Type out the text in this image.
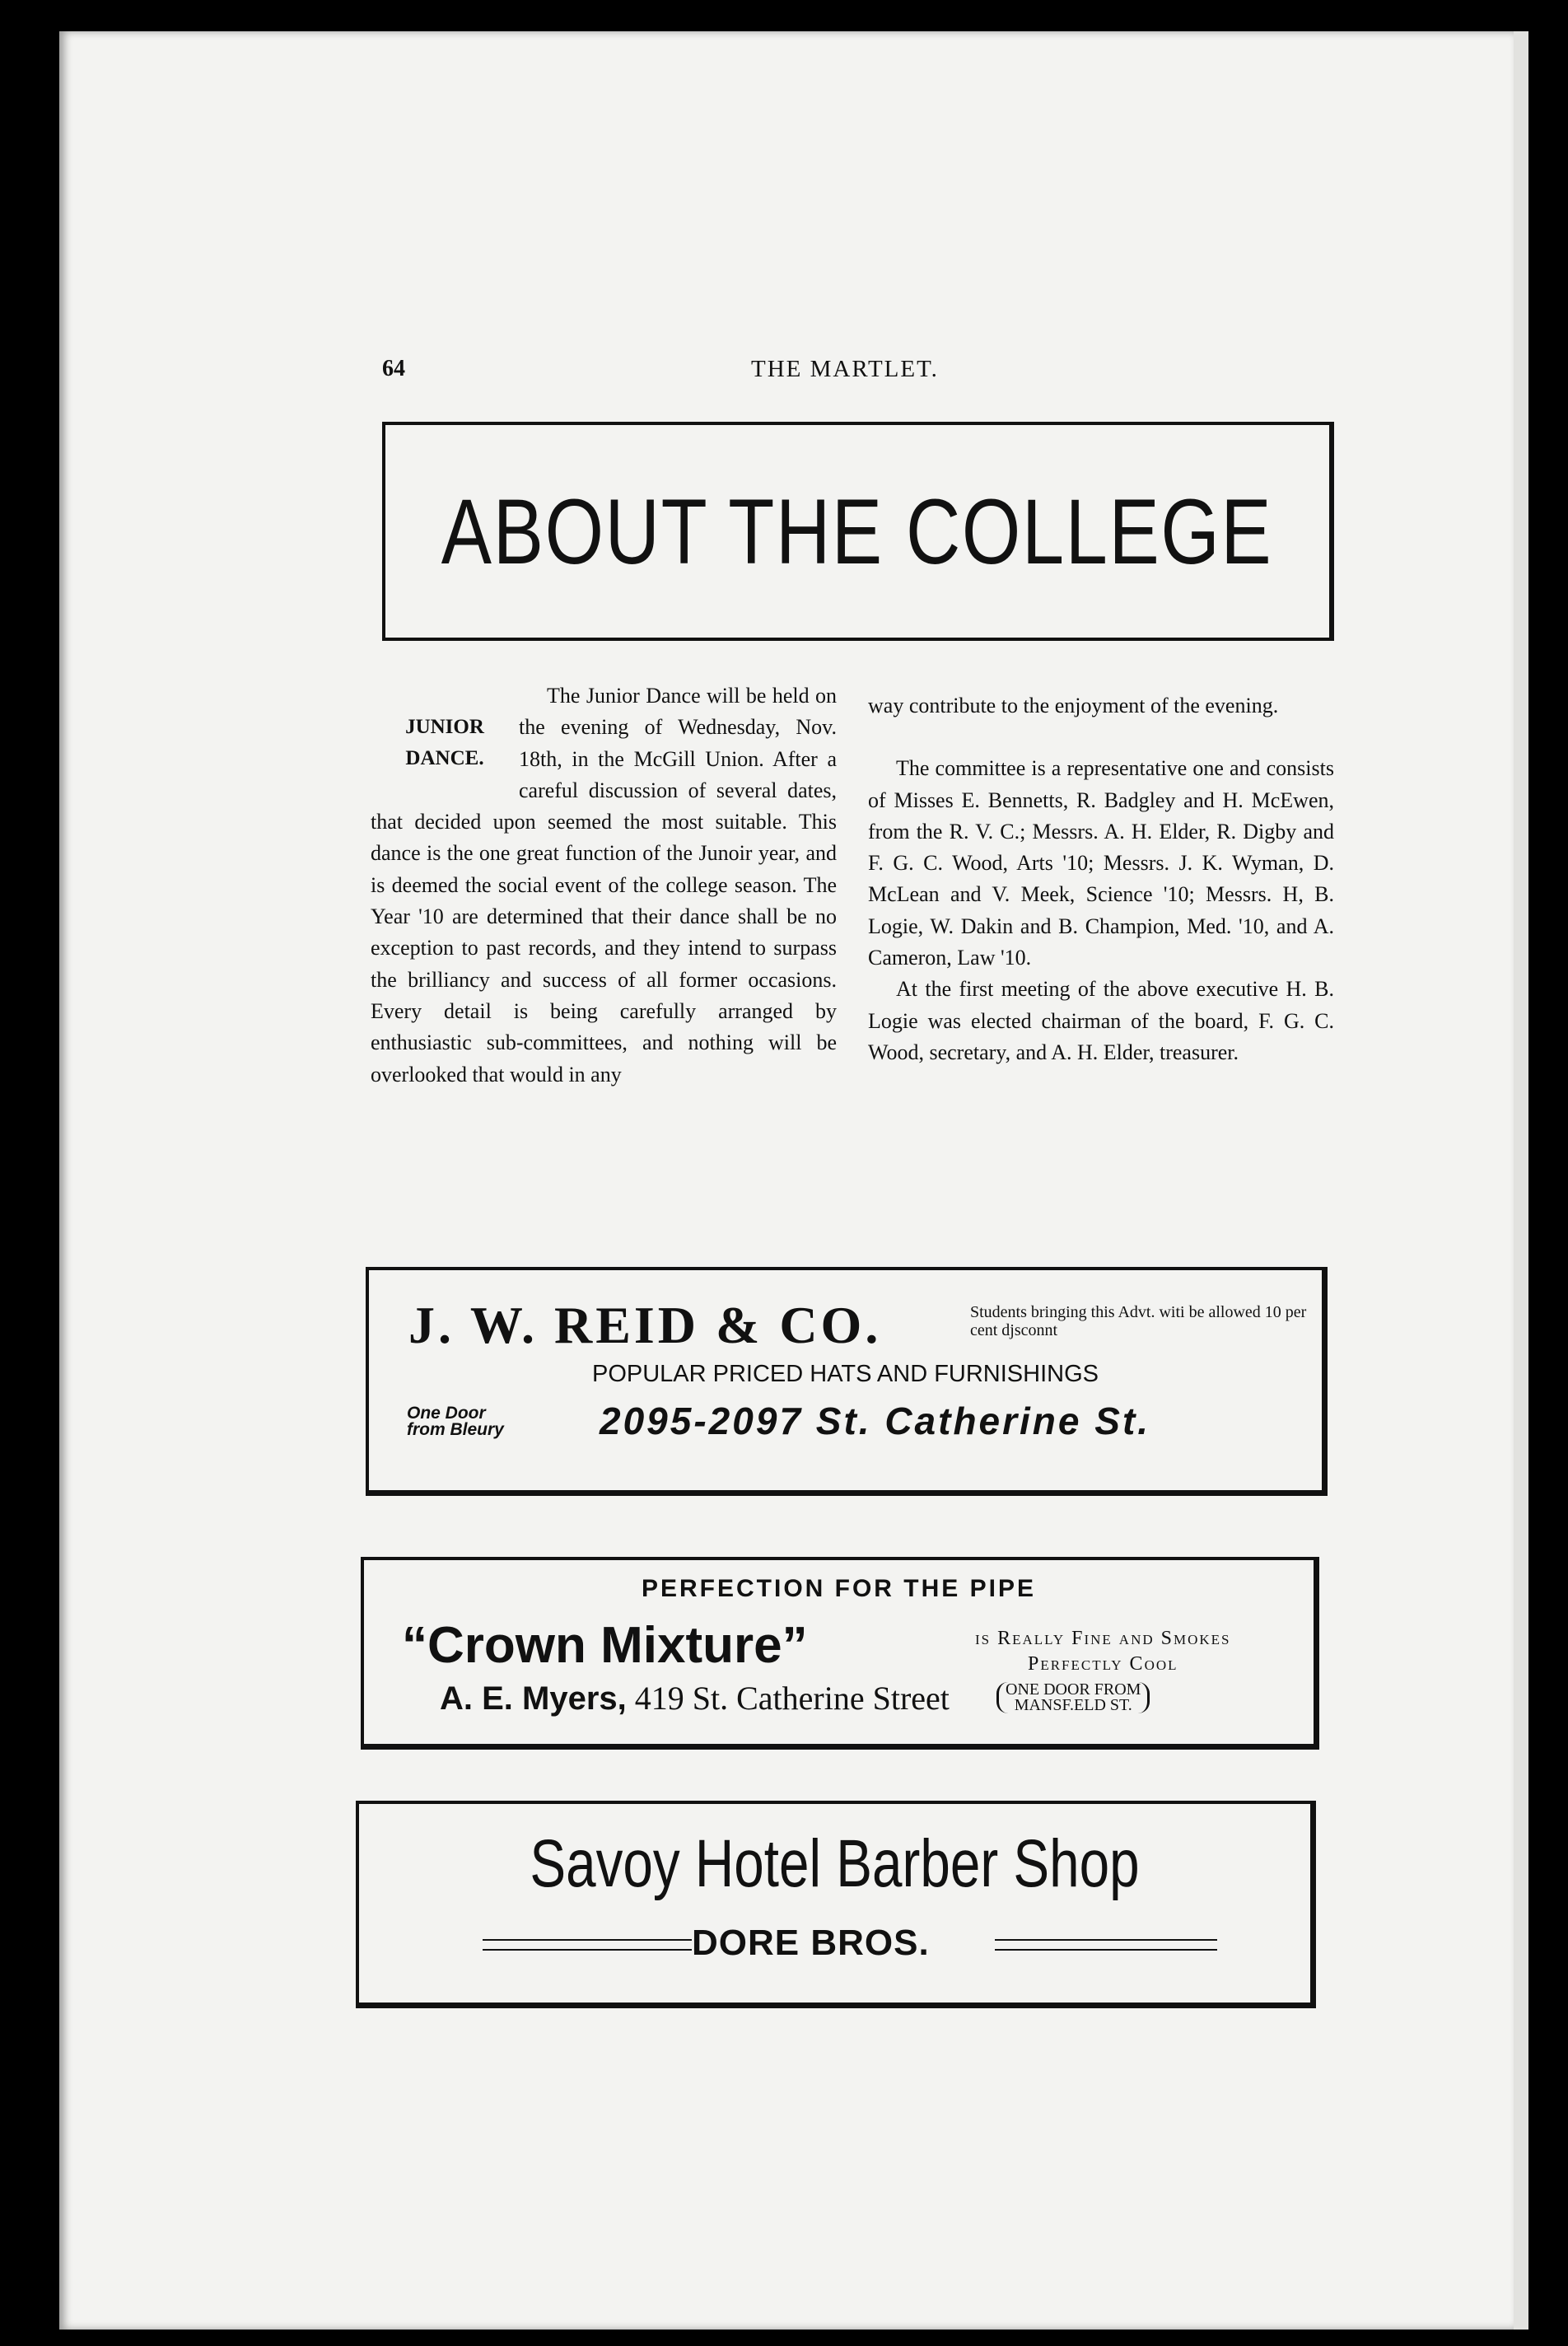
64	THE MARTLET.
ABOUT THE COLLEGE
JUNIOR
DANCE.

The Junior Dance will be held on the evening of Wednesday, Nov. 18th, in the McGill Union. After a careful discussion of several dates, that decided upon seemed the most suitable. This dance is the one great function of the Junoir year, and is deemed the social event of the college season. The Year '10 are determined that their dance shall be no exception to past records, and they intend to surpass the brilliancy and success of all former occasions. Every detail is being carefully arranged by enthusiastic sub-committees, and nothing will be overlooked that would in any

way contribute to the enjoyment of the evening.

The committee is a representative one and consists of Misses E. Bennetts, R. Badgley and H. McEwen, from the R. V. C.; Messrs. A. H. Elder, R. Digby and F. G. C. Wood, Arts '10; Messrs. J. K. Wyman, D. McLean and V. Meek, Science '10; Messrs. H, B. Logie, W. Dakin and B. Champion, Med. '10, and A. Cameron, Law '10.

At the first meeting of the above executive H. B. Logie was elected chairman of the board, F. G. C. Wood, secretary, and A. H. Elder, treasurer.

J. W. REID & CO.	Students bringing this Advt. witi be allowed 10 per cent djsconnt
POPULAR PRICED HATS AND FURNISHINGS
One Door
from Bleury	2095-2097 St. Catherine St.
PERFECTION FOR THE PIPE
“Crown Mixture”	is Really Fine and Smokes
Perfectly Cool
A. E. Myers, 419 St. Catherine Street	ONE DOOR FROM
MANSF.ELD ST.
Savoy Hotel Barber Shop
DORE BROS.
